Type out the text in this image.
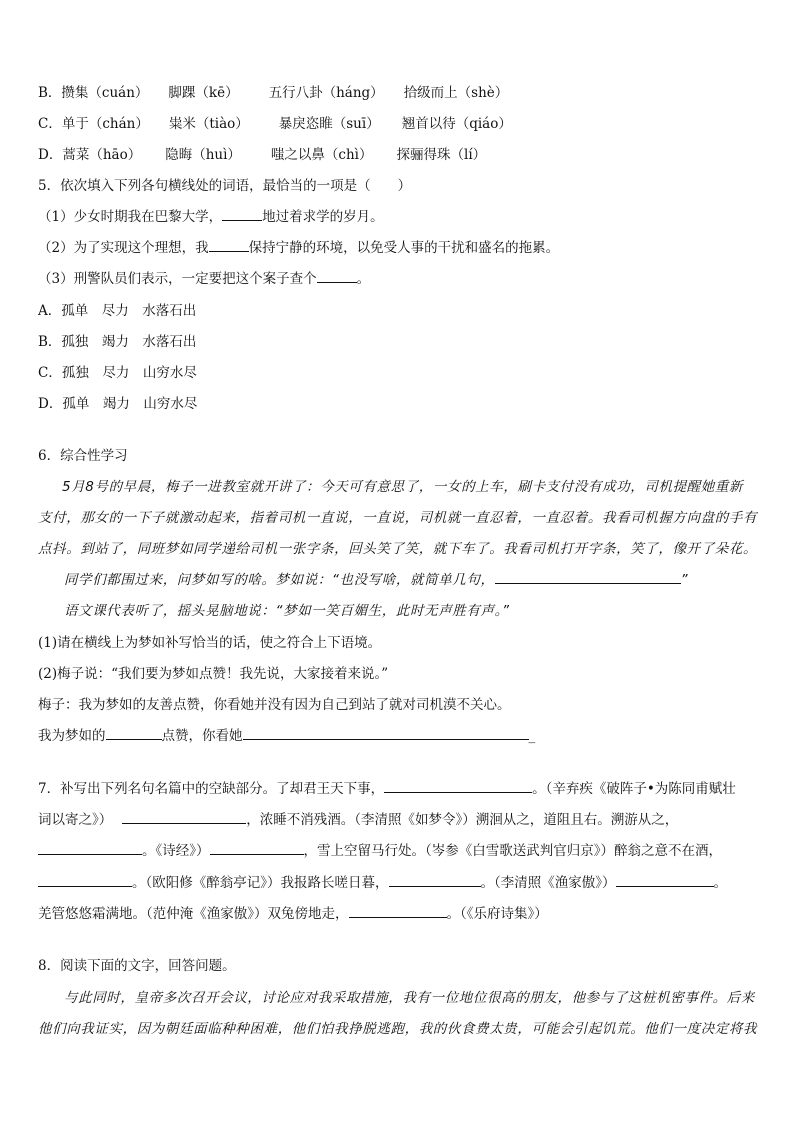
B．攒集（cuán） 脚踝（kē） 五行八卦（háng） 拾级而上（shè）
C．单于（chán） 粜米（tiào） 暴戾恣睢（suī） 翘首以待（qiáo）
D．蒿菜（hāo） 隐晦（huì） 嗤之以鼻（chì） 探骊得珠（lí）
5．依次填入下列各句横线处的词语，最恰当的一项是（　　）
（1）少女时期我在巴黎大学，	地过着求学的岁月。
（2）为了实现这个理想，我	保持宁静的环境，以免受人事的干扰和盛名的拖累。
（3）刑警队员们表示，一定要把这个案子查个	。
A．孤单　尽力　水落石出
B．孤独　竭力　水落石出
C．孤独　尽力　山穷水尽
D．孤单　竭力　山穷水尽
6．综合性学习
5月8号的早晨，梅子一进教室就开讲了：今天可有意思了，一女的上车，刷卡支付没有成功，司机提醒她重新
支付，那女的一下子就激动起来，指着司机一直说，一直说，司机就一直忍着，一直忍着。我看司机握方向盘的手有
点抖。到站了，同班梦如同学递给司机一张字条，回头笑了笑，就下车了。我看司机打开字条，笑了，像开了朵花。
同学们都围过来，问梦如写的啥。梦如说：“也没写啥，就简单几句，	”
语文课代表听了，摇头晃脑地说：“梦如一笑百媚生，此时无声胜有声。”
(1)请在横线上为梦如补写恰当的话，使之符合上下语境。
(2)梅子说：“我们要为梦如点赞！我先说，大家接着来说。”
梅子：我为梦如的友善点赞，你看她并没有因为自己到站了就对司机漠不关心。
我为梦如的	点赞，你看她	_
7．补写出下列名句名篇中的空缺部分。了却君王天下事，	。（辛弃疾《破阵子•为陈同甫赋壮
词以寄之》）	，浓睡不消残酒。（李清照《如梦令》）溯洄从之，道阻且右。溯游从之，
。《诗经》）	，雪上空留马行处。（岑参《白雪歌送武判官归京》）醉翁之意不在酒，
。（欧阳修《醉翁亭记》）我报路长嗟日暮，	。（李清照《渔家傲》）	。
羌管悠悠霜满地。（范仲淹《渔家傲》）双兔傍地走，	。（《乐府诗集》）
8．阅读下面的文字，回答问题。
与此同时，皇帝多次召开会议，讨论应对我采取措施，我有一位地位很高的朋友，他参与了这桩机密事件。后来
他们向我证实，因为朝廷面临种种困难，他们怕我挣脱逃跑，我的伙食费太贵，可能会引起饥荒。他们一度决定将我
